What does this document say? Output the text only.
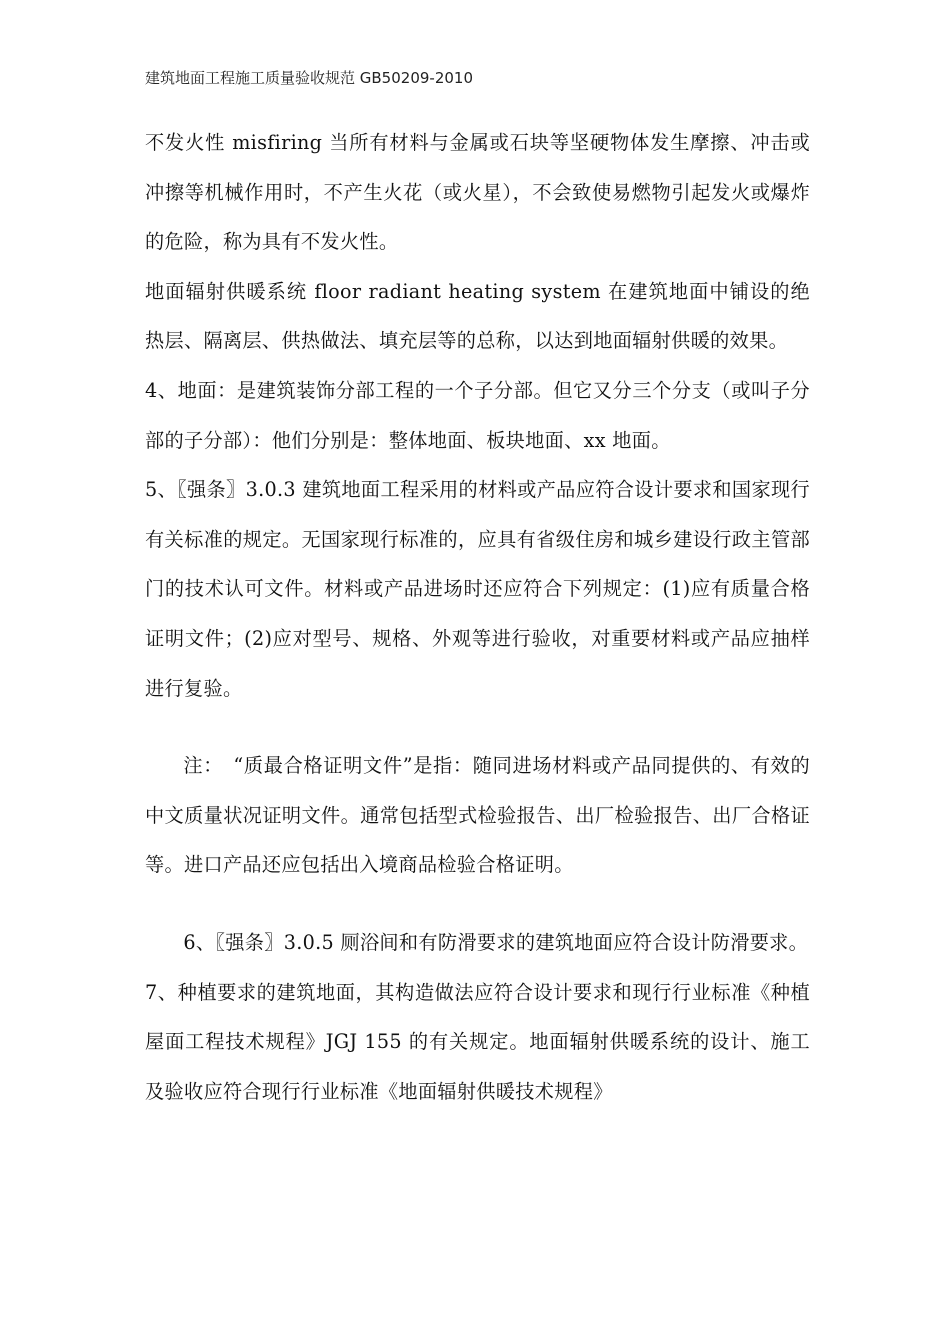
建筑地面工程施工质量验收规范 GB50209-2010

不发火性 misfiring 当所有材料与金属或石块等坚硬物体发生摩擦、冲击或冲擦等机械作用时，不产生火花（或火星），不会致使易燃物引起发火或爆炸的危险，称为具有不发火性。

地面辐射供暖系统 floor radiant heating system 在建筑地面中铺设的绝热层、隔离层、供热做法、填充层等的总称，以达到地面辐射供暖的效果。

4、地面：是建筑装饰分部工程的一个子分部。但它又分三个分支（或叫子分部的子分部）：他们分别是：整体地面、板块地面、xx 地面。

5、〖强条〗3.0.3 建筑地面工程采用的材料或产品应符合设计要求和国家现行有关标准的规定。无国家现行标准的，应具有省级住房和城乡建设行政主管部门的技术认可文件。材料或产品进场时还应符合下列规定：(1)应有质量合格证明文件；(2)应对型号、规格、外观等进行验收，对重要材料或产品应抽样进行复验。

注：　“质最合格证明文件”是指：随同进场材料或产品同提供的、有效的中文质量状况证明文件。通常包括型式检验报告、出厂检验报告、出厂合格证等。进口产品还应包括出入境商品检验合格证明。

6、〖强条〗3.0.5 厕浴间和有防滑要求的建筑地面应符合设计防滑要求。

7、种植要求的建筑地面，其构造做法应符合设计要求和现行行业标准《种植屋面工程技术规程》JGJ 155 的有关规定。地面辐射供暖系统的设计、施工及验收应符合现行行业标准《地面辐射供暖技术规程》
